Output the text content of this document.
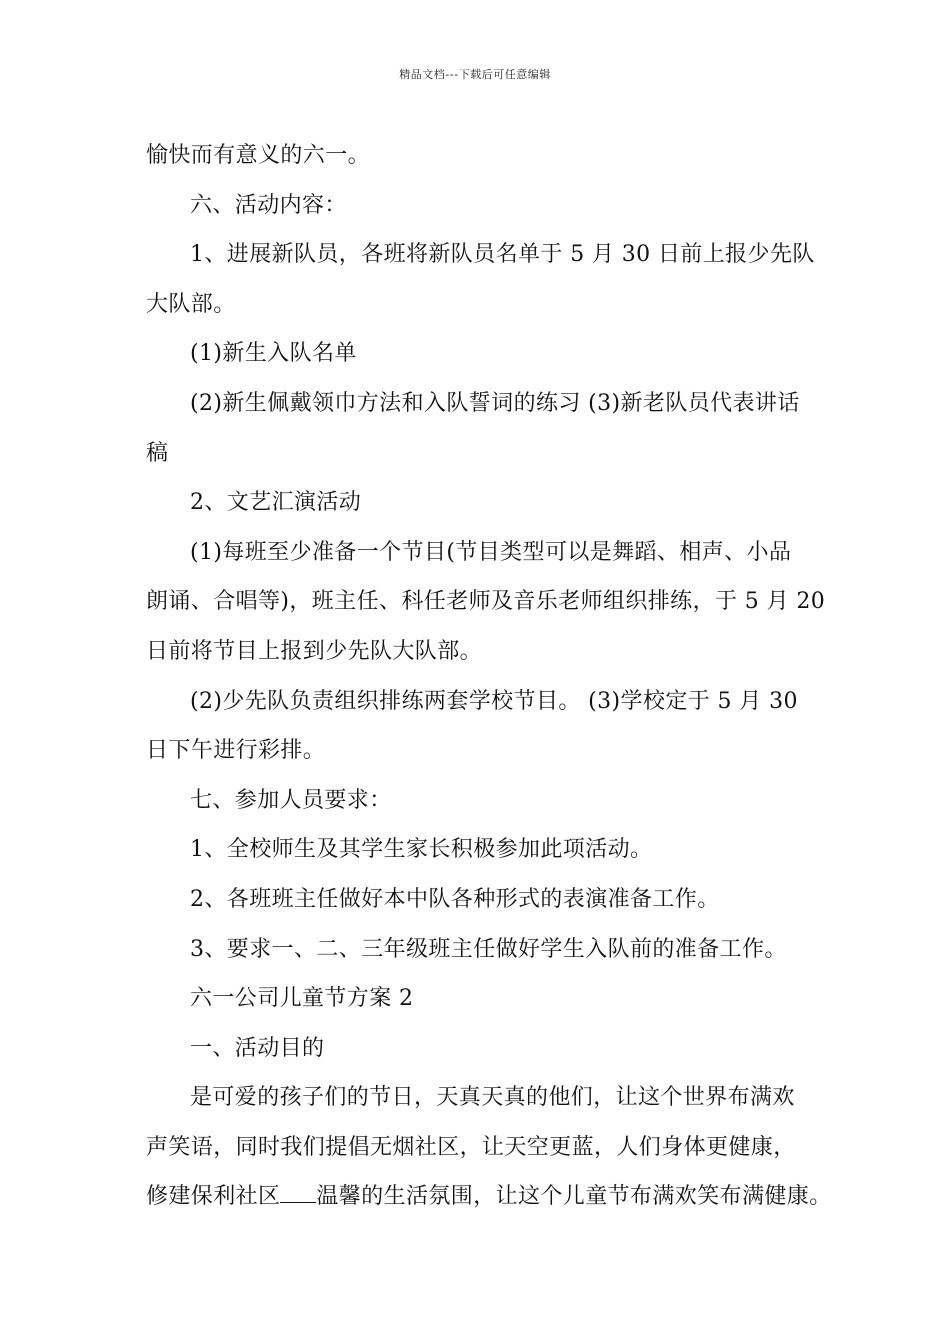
精品文档---下载后可任意编辑
愉快而有意义的六一。
六、活动内容：
1、进展新队员，各班将新队员名单于 5 月 30 日前上报少先队
大队部。
(1)新生入队名单
(2)新生佩戴领巾方法和入队誓词的练习 (3)新老队员代表讲话
稿
2、文艺汇演活动
(1)每班至少准备一个节目(节目类型可以是舞蹈、相声、小品
朗诵、合唱等)，班主任、科任老师及音乐老师组织排练，于 5 月 20
日前将节目上报到少先队大队部。
(2)少先队负责组织排练两套学校节目。 (3)学校定于 5 月 30
日下午进行彩排。
七、参加人员要求：
1、全校师生及其学生家长积极参加此项活动。
2、各班班主任做好本中队各种形式的表演准备工作。
3、要求一、二、三年级班主任做好学生入队前的准备工作。
六一公司儿童节方案 2
一、活动目的
是可爱的孩子们的节日，天真天真的他们，让这个世界布满欢
声笑语，同时我们提倡无烟社区，让天空更蓝，人们身体更健康，
修建保利社区 温馨的生活氛围，让这个儿童节布满欢笑布满健康。
